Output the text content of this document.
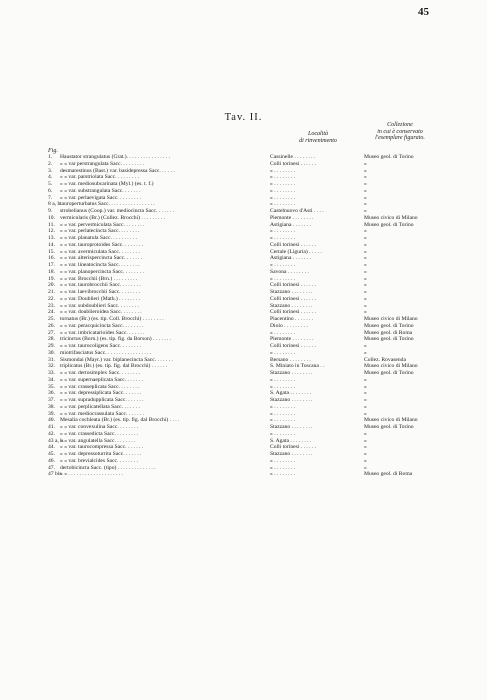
45
Tav. II.
Località
di rinvenimento
Collezione
in cui è conservato
l'esemplare figurato.
Fig.
1.	Haustator strangulatus (Grat.). . . . . . . . . . . . . . . .	Cassinelle . . . . . . . .	Museo geol. di Torino
2.	» » var perstrangulata Sacc. . . . . . . . .	Colli torinesi . . . . . .	»
3.	desmarestinus (Bast.) var. basidepressa Sacc. . . . . .	» . . . . . . . .	»
4.	» » var. parstriolata Sacc. . . . . . . . .	» . . . . . . . .	»
5.	» » var. mediosubcarinata (Myl.) (es. t. f.)	» . . . . . . . .	»
6.	» » var. substrangulata Sacc. . . . . . .	» . . . . . . . .	»
7.	» » var. perlaevigata Sacc. . . . . . . . .	» . . . . . . . .	»
8 a, b.
tauroperturbatus Sacc. . . . . . . . . . . . . . . . .	» . . . . . . . .	»
9.	strobelianus (Coop.) var. mediocincta Sacc. . . . . . .	Castelnuovo d'Asti . . . .	»
10. vermicularis (Br.) (Collez. Brocchi) . . . . . . . . .	Piemonte . . . . . . . .	Museo civico di Milano
11. » » var. pervermiculata Sacc. . . . . . . .	Astigiana . . . . . . .	Museo geol. di Torino
12. » » var. perlatecincta Sacc. . . . . . . .	» . . . . . . . .	»
13. » » var. planatula Sacc. . . . . . . . . .	» . . . . . . . .	»
14. » » var. tauroprotoides Sacc. . . . . . . .	Colli torinesi . . . . . .	»
15. » » var. avermiculata Sacc. . . . . . . .	Certale (Liguria) . . . . .	»
16. » » var. alterispercincta Sacc. . . . . . .	Astigiana . . . . . . .	»
17. » » var. lineatocincta Sacc. . . . . . . .	» . . . . . . . .	»
18. » » var. planopercincta Sacc. . . . . . . .	Savona . . . . . . . .	»
19. » » var. Brocchii (Brn.) . . . . . . . . .	» . . . . . . . .	»
20. » » var. taurobrocchii Sacc. . . . . . . .	Colli torinesi . . . . . .	»
21. » » var. laevibrocchii Sacc. . . . . . . .	Stazzano . . . . . . . .	»
22. » » var. Doublieri (Math.) . . . . . . . .	Colli torinesi . . . . . .	»
23. » » var. subdoublieri Sacc. . . . . . . .	Stazzano . . . . . . . .	»
24. » » var. doublieroidea Sacc. . . . . . . .	Colli torinesi . . . . . .	»
25. tornatus (Br.) (es. tip. Coll. Brocchi) . . . . . . . .	Piacentino . . . . . . .	Museo civico di Milano
26. » » var. peracquicincta Sacc. . . . . . . .	Diolo . . . . . . . . .	Museo geol. di Torino
27. » » var. imbricatarioides Sacc. . . . . . .	» . . . . . . . .	Museo geol. di Roma
28. tricinctus (Born.) (es. tip. fig. da Borson) . . . . . . .	Piemonte . . . . . . . .	Museo geol. di Torino
29. » » var. taurocoligens Sacc. . . . . . . .	Colli torinesi . . . . . .	»
30. miotrifasciatus Sacc. . . . . . . . . . . . . . . . .	» . . . . . . . .	»
31. Sismondai (Mayr.) var. biplanecincta Sacc. . . . . . .	Bersano . . . . . . . .	Collez. Rovasenda
32. triplicatus (Br.) (es. tip. fig. dal Brocchi) . . . . . .	S. Miniato in Toscana . .	Museo civico di Milano
33. » » var. dertosimplex Sacc. . . . . . . .	Stazzano . . . . . . . .	Museo geol. di Torino
34. » » var. supernaeplicata Sacc. . . . . . .	» . . . . . . . .	»
35. » » var. crasseplicata Sacc. . . . . . . .	» . . . . . . . .	»
36. » » var. depressiplicata Sacc. . . . . . .	S. Agata . . . . . . . .	»
37. » » var. supradupplicata Sacc. . . . . . .	Stazzano . . . . . . . .	»
38. » » var. perplicatellata Sacc. . . . . . .	» . . . . . . . .	»
39. » » var. mediocrassulata Sacc. . . . . . .	» . . . . . . . .	»
40. Mesalia cochleata (Br.) (es. tip. fig. dal Brocchi) . . . .	» . . . . . . . .	Museo civico di Milano
41. » » var. convexulina Sacc. . . . . . . .	Stazzano . . . . . . . .	Museo geol. di Torino
42. » » var. crassedicta Sacc. . . . . . . . .	» . . . . . . . .	»
43 a, b.
» » var. angulatella Sacc. . . . . . . .	S. Agata . . . . . . . .	»
44. » » var. taurocompressa Sacc. . . . . . .	Colli torinesi . . . . . .	»
45. » » var. depressoturrita Sacc. . . . . . .	Stazzano . . . . . . . .	»
46. » » var. brevialcides Sacc. . . . . . . .	» . . . . . . . .	»
47. dertobicincta Sacc. (tipo) . . . . . . . . . . . . . .	» . . . . . . . .	»
47 bis
» » . . . . . . . . . . . . . . . . . . . .	» . . . . . . . .	Museo geol. di Roma
